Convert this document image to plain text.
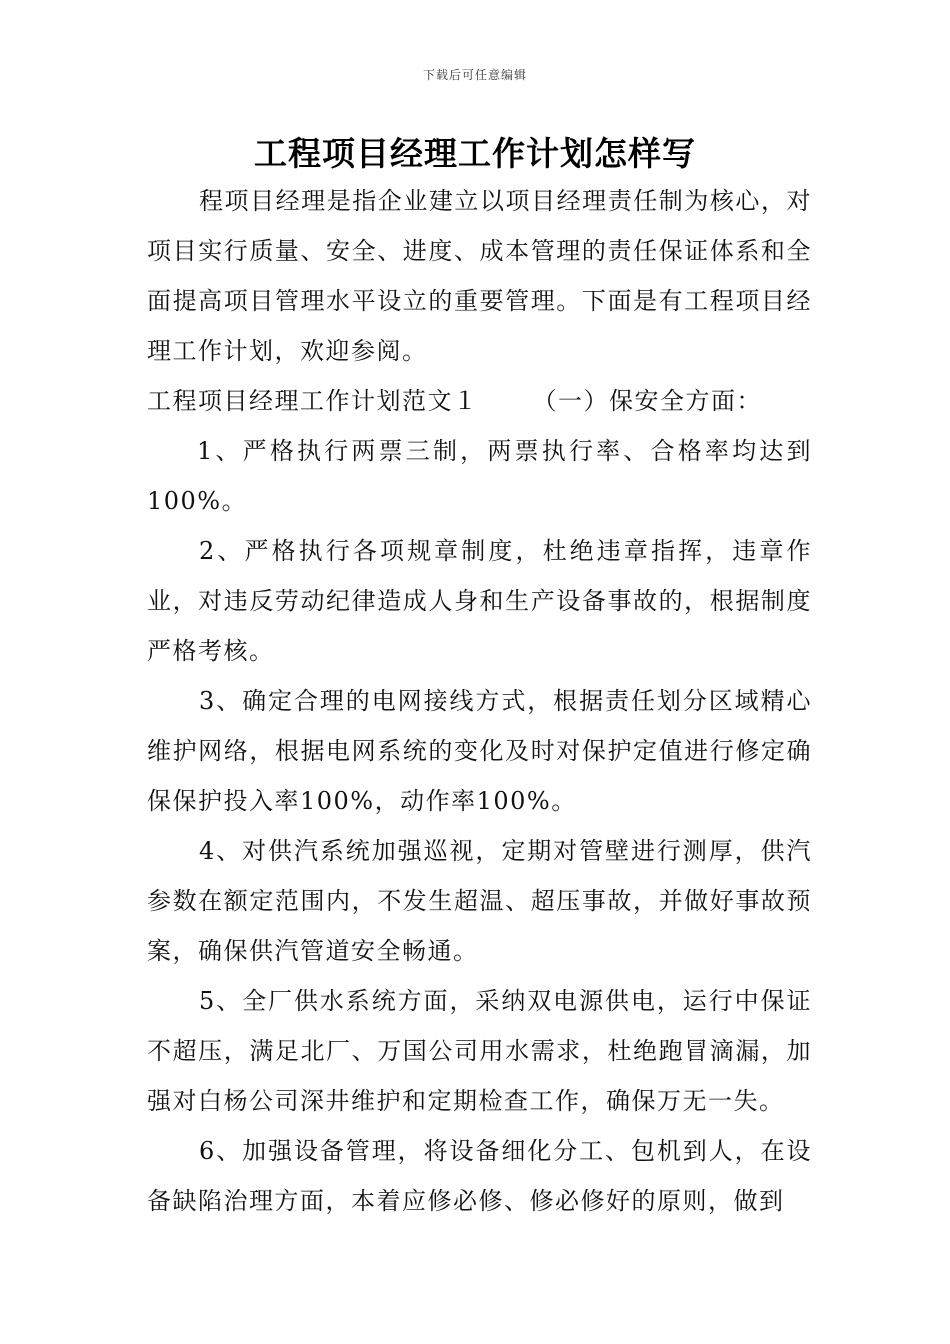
下载后可任意编辑
工程项目经理工作计划怎样写

程项目经理是指企业建立以项目经理责任制为核心，对项目实行质量、安全、进度、成本管理的责任保证体系和全面提高项目管理水平设立的重要管理。下面是有工程项目经理工作计划，欢迎参阅。

工程项目经理工作计划范文１ （一）保安全方面：

1、严格执行两票三制，两票执行率、合格率均达到100%。

2、严格执行各项规章制度，杜绝违章指挥，违章作业，对违反劳动纪律造成人身和生产设备事故的，根据制度严格考核。

3、确定合理的电网接线方式，根据责任划分区域精心维护网络，根据电网系统的变化及时对保护定值进行修定确保保护投入率100%，动作率100%。

4、对供汽系统加强巡视，定期对管壁进行测厚，供汽参数在额定范围内，不发生超温、超压事故，并做好事故预案，确保供汽管道安全畅通。

5、全厂供水系统方面，采纳双电源供电，运行中保证不超压，满足北厂、万国公司用水需求，杜绝跑冒滴漏，加强对白杨公司深井维护和定期检查工作，确保万无一失。

6、加强设备管理，将设备细化分工、包机到人，在设备缺陷治理方面，本着应修必修、修必修好的原则，做到
